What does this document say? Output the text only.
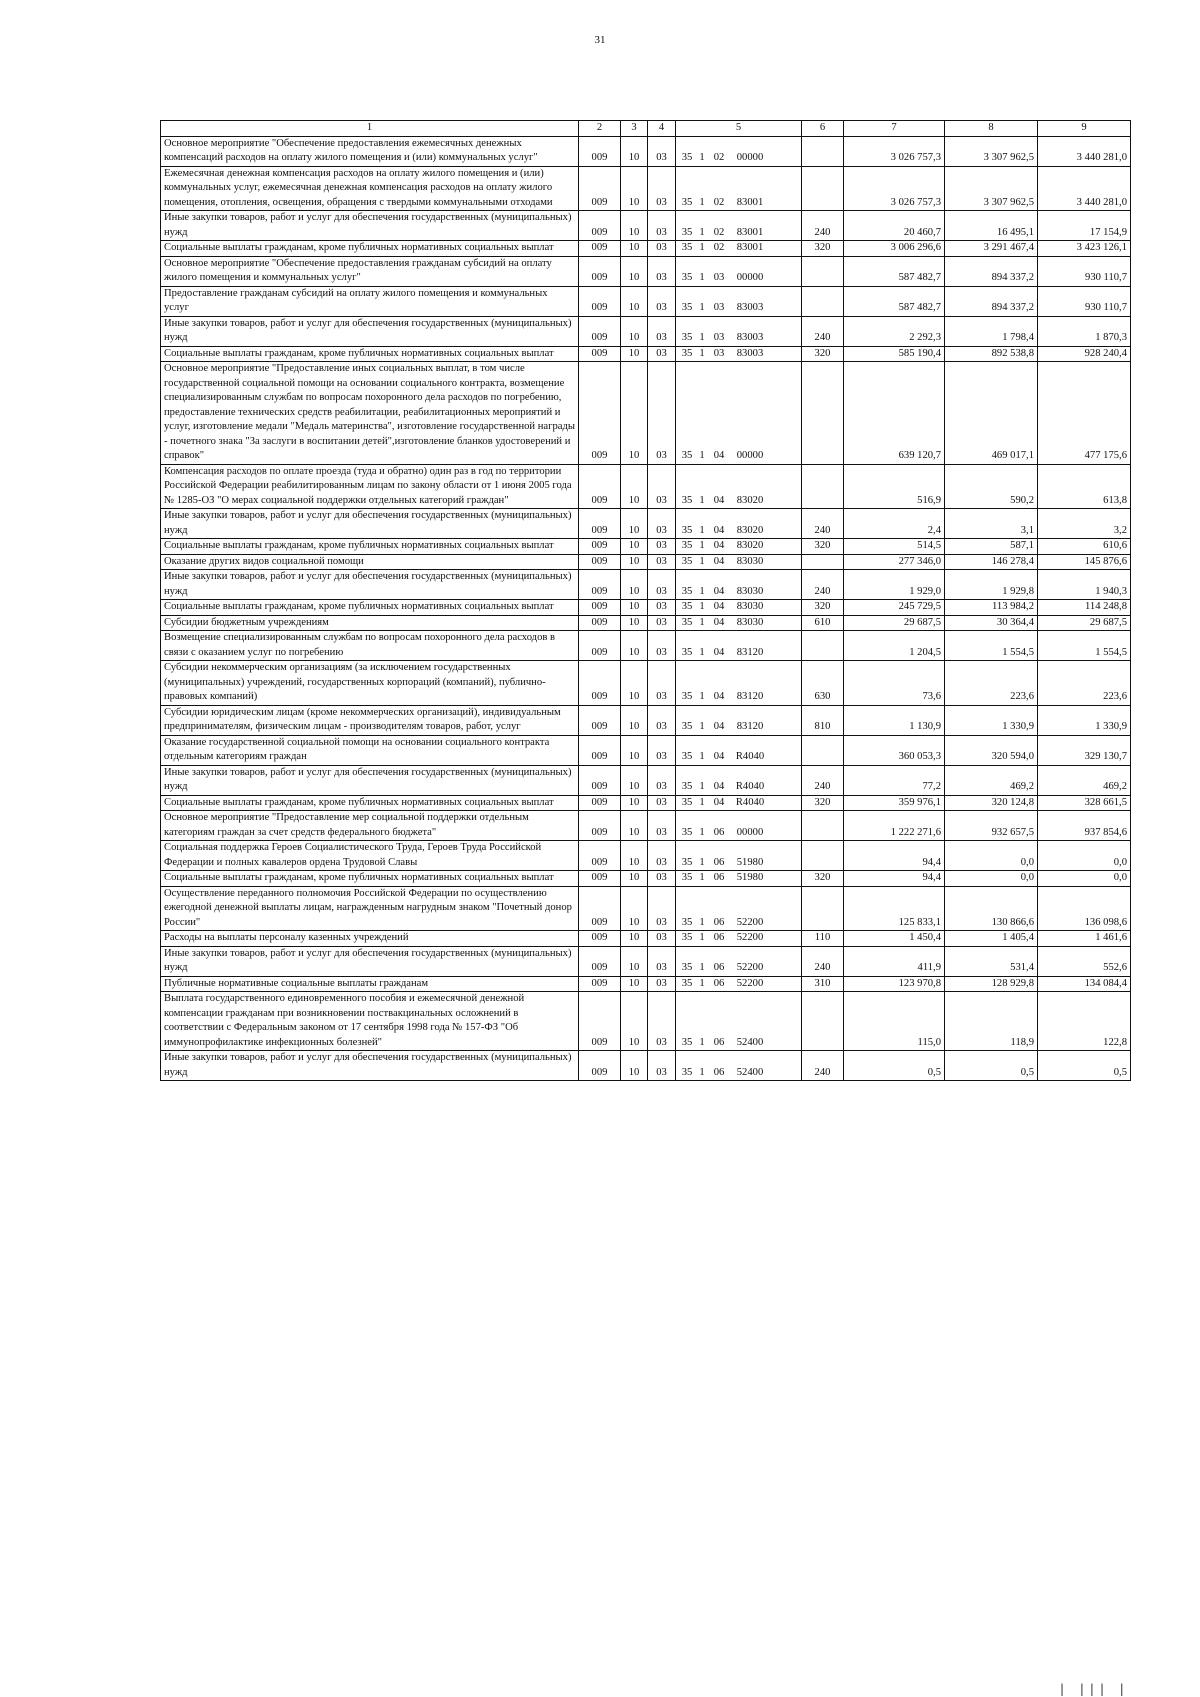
31
1	2	3	4	5	6	7	8	9
Основное мероприятие "Обеспечение предоставления ежемесячных денежных компенсаций расходов на оплату жилого помещения и (или) коммунальных услуг"	009	10	03	35 1 02 00000		3 026 757,3	3 307 962,5	3 440 281,0
Ежемесячная денежная компенсация расходов на оплату жилого помещения и (или) коммунальных услуг, ежемесячная денежная компенсация расходов на оплату жилого помещения, отопления, освещения, обращения с твердыми коммунальными отходами	009	10	03	35 1 02 83001		3 026 757,3	3 307 962,5	3 440 281,0
Иные закупки товаров, работ и услуг для обеспечения государственных (муниципальных) нужд	009	10	03	35 1 02 83001	240	20 460,7	16 495,1	17 154,9
Социальные выплаты гражданам, кроме публичных нормативных социальных выплат	009	10	03	35 1 02 83001	320	3 006 296,6	3 291 467,4	3 423 126,1
Основное мероприятие "Обеспечение предоставления гражданам субсидий на оплату жилого помещения и коммунальных услуг"	009	10	03	35 1 03 00000		587 482,7	894 337,2	930 110,7
Предоставление гражданам субсидий на оплату жилого помещения и коммунальных услуг	009	10	03	35 1 03 83003		587 482,7	894 337,2	930 110,7
Иные закупки товаров, работ и услуг для обеспечения государственных (муниципальных) нужд	009	10	03	35 1 03 83003	240	2 292,3	1 798,4	1 870,3
Социальные выплаты гражданам, кроме публичных нормативных социальных выплат	009	10	03	35 1 03 83003	320	585 190,4	892 538,8	928 240,4
Основное мероприятие "Предоставление иных социальных выплат, в том числе государственной социальной помощи на основании социального контракта, возмещение специализированным службам по вопросам похоронного дела расходов по погребению, предоставление технических средств реабилитации, реабилитационных мероприятий и услуг, изготовление медали "Медаль материнства", изготовление государственной награды - почетного знака "За заслуги в воспитании детей",изготовление бланков удостоверений и справок"	009	10	03	35 1 04 00000		639 120,7	469 017,1	477 175,6
Компенсация расходов по оплате проезда (туда и обратно) один раз в год по территории Российской Федерации реабилитированным лицам по закону области от 1 июня 2005 года № 1285-ОЗ "О мерах социальной поддержки отдельных категорий граждан"	009	10	03	35 1 04 83020		516,9	590,2	613,8
Иные закупки товаров, работ и услуг для обеспечения государственных (муниципальных) нужд	009	10	03	35 1 04 83020	240	2,4	3,1	3,2
Социальные выплаты гражданам, кроме публичных нормативных социальных выплат	009	10	03	35 1 04 83020	320	514,5	587,1	610,6
Оказание других видов социальной помощи	009	10	03	35 1 04 83030		277 346,0	146 278,4	145 876,6
Иные закупки товаров, работ и услуг для обеспечения государственных (муниципальных) нужд	009	10	03	35 1 04 83030	240	1 929,0	1 929,8	1 940,3
Социальные выплаты гражданам, кроме публичных нормативных социальных выплат	009	10	03	35 1 04 83030	320	245 729,5	113 984,2	114 248,8
Субсидии бюджетным учреждениям	009	10	03	35 1 04 83030	610	29 687,5	30 364,4	29 687,5
Возмещение специализированным службам по вопросам похоронного дела расходов в связи с оказанием услуг по погребению	009	10	03	35 1 04 83120		1 204,5	1 554,5	1 554,5
Субсидии некоммерческим организациям (за исключением государственных (муниципальных) учреждений, государственных корпораций (компаний), публично-правовых компаний)	009	10	03	35 1 04 83120	630	73,6	223,6	223,6
Субсидии юридическим лицам (кроме некоммерческих организаций), индивидуальным предпринимателям, физическим лицам - производителям товаров, работ, услуг	009	10	03	35 1 04 83120	810	1 130,9	1 330,9	1 330,9
Оказание государственной социальной помощи на основании социального контракта отдельным категориям граждан	009	10	03	35 1 04 R4040		360 053,3	320 594,0	329 130,7
Иные закупки товаров, работ и услуг для обеспечения государственных (муниципальных) нужд	009	10	03	35 1 04 R4040	240	77,2	469,2	469,2
Социальные выплаты гражданам, кроме публичных нормативных социальных выплат	009	10	03	35 1 04 R4040	320	359 976,1	320 124,8	328 661,5
Основное мероприятие "Предоставление мер социальной поддержки отдельным категориям граждан за счет средств федерального бюджета"	009	10	03	35 1 06 00000		1 222 271,6	932 657,5	937 854,6
Социальная поддержка Героев Социалистического Труда, Героев Труда Российской Федерации и полных кавалеров ордена Трудовой Славы	009	10	03	35 1 06 51980		94,4	0,0	0,0
Социальные выплаты гражданам, кроме публичных нормативных социальных выплат	009	10	03	35 1 06 51980	320	94,4	0,0	0,0
Осуществление переданного полномочия Российской Федерации по осуществлению ежегодной денежной выплаты лицам, награжденным нагрудным знаком "Почетный донор России"	009	10	03	35 1 06 52200		125 833,1	130 866,6	136 098,6
Расходы на выплаты персоналу казенных учреждений	009	10	03	35 1 06 52200	110	1 450,4	1 405,4	1 461,6
Иные закупки товаров, работ и услуг для обеспечения государственных (муниципальных) нужд	009	10	03	35 1 06 52200	240	411,9	531,4	552,6
Публичные нормативные социальные выплаты гражданам	009	10	03	35 1 06 52200	310	123 970,8	128 929,8	134 084,4
Выплата государственного единовременного пособия и ежемесячной денежной компенсации гражданам при возникновении поствакцинальных осложнений в соответствии с Федеральным законом от 17 сентября 1998 года № 157-ФЗ "Об иммунопрофилактике инфекционных болезней"	009	10	03	35 1 06 52400		115,0	118,9	122,8
Иные закупки товаров, работ и услуг для обеспечения государственных (муниципальных) нужд	009	10	03	35 1 06 52400	240	0,5	0,5	0,5
| ||| |
